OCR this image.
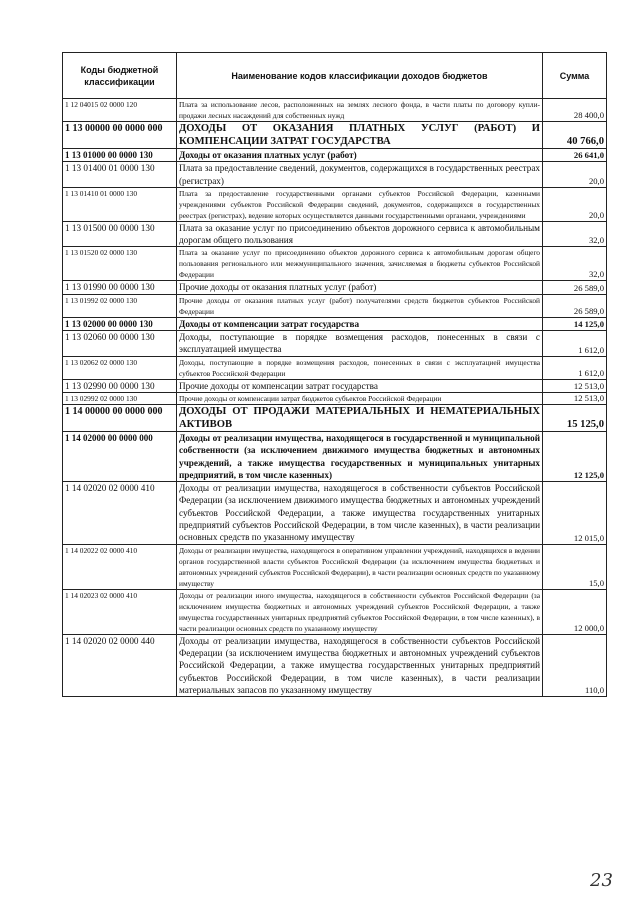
Коды бюджетной классификации	Наименование кодов классификации доходов бюджетов	Сумма
1 12 04015 02 0000 120	Плата за использование лесов, расположенных на землях лесного фонда, в части платы по договору купли-продажи лесных насаждений для собственных нужд	28 400,0
1 13 00000 00 0000 000	ДОХОДЫ ОТ ОКАЗАНИЯ ПЛАТНЫХ УСЛУГ (РАБОТ) И КОМПЕНСАЦИИ ЗАТРАТ ГОСУДАРСТВА	40 766,0
1 13 01000 00 0000 130	Доходы от оказания платных услуг (работ)	26 641,0
1 13 01400 01 0000 130	Плата за предоставление сведений, документов, содержащихся в государственных реестрах (регистрах)	20,0
1 13 01410 01 0000 130	Плата за предоставление государственными органами субъектов Российской Федерации, казенными учреждениями субъектов Российской Федерации сведений, документов, содержащихся в государственных реестрах (регистрах), ведение которых осуществляется данными государственными органами, учреждениями	20,0
1 13 01500 00 0000 130	Плата за оказание услуг по присоединению объектов дорожного сервиса к автомобильным дорогам общего пользования	32,0
1 13 01520 02 0000 130	Плата за оказание услуг по присоединению объектов дорожного сервиса к автомобильным дорогам общего пользования регионального или межмуниципального значения, зачисляемая в бюджеты субъектов Российской Федерации	32,0
1 13 01990 00 0000 130	Прочие доходы от оказания платных услуг (работ)	26 589,0
1 13 01992 02 0000 130	Прочие доходы от оказания платных услуг (работ) получателями средств бюджетов субъектов Российской Федерации	26 589,0
1 13 02000 00 0000 130	Доходы от компенсации затрат государства	14 125,0
1 13 02060 00 0000 130	Доходы, поступающие в порядке возмещения расходов, понесенных в связи с эксплуатацией имущества	1 612,0
1 13 02062 02 0000 130	Доходы, поступающие в порядке возмещения расходов, понесенных в связи с эксплуатацией имущества субъектов Российской Федерации	1 612,0
1 13 02990 00 0000 130	Прочие доходы от компенсации затрат государства	12 513,0
1 13 02992 02 0000 130	Прочие доходы от компенсации затрат бюджетов субъектов Российской Федерации	12 513,0
1 14 00000 00 0000 000	ДОХОДЫ ОТ ПРОДАЖИ МАТЕРИАЛЬНЫХ И НЕМАТЕРИАЛЬНЫХ АКТИВОВ	15 125,0
1 14 02000 00 0000 000	Доходы от реализации имущества, находящегося в государственной и муниципальной собственности (за исключением движимого имущества бюджетных и автономных учреждений, а также имущества государственных и муниципальных унитарных предприятий, в том числе казенных)	12 125,0
1 14 02020 02 0000 410	Доходы от реализации имущества, находящегося в собственности субъектов Российской Федерации (за исключением движимого имущества бюджетных и автономных учреждений субъектов Российской Федерации, а также имущества государственных унитарных предприятий субъектов Российской Федерации, в том числе казенных), в части реализации основных средств по указанному имуществу	12 015,0
1 14 02022 02 0000 410	Доходы от реализации имущества, находящегося в оперативном управлении учреждений, находящихся в ведении органов государственной власти субъектов Российской Федерации (за исключением имущества бюджетных и автономных учреждений субъектов Российской Федерации), в части реализации основных средств по указанному имуществу	15,0
1 14 02023 02 0000 410	Доходы от реализации иного имущества, находящегося в собственности субъектов Российской Федерации (за исключением имущества бюджетных и автономных учреждений субъектов Российской Федерации, а также имущества государственных унитарных предприятий субъектов Российской Федерации, в том числе казенных), в части реализации основных средств по указанному имуществу	12 000,0
1 14 02020 02 0000 440	Доходы от реализации имущества, находящегося в собственности субъектов Российской Федерации (за исключением имущества бюджетных и автономных учреждений субъектов Российской Федерации, а также имущества государственных унитарных предприятий субъектов Российской Федерации, в том числе казенных), в части реализации материальных запасов по указанному имуществу	110,0
23
